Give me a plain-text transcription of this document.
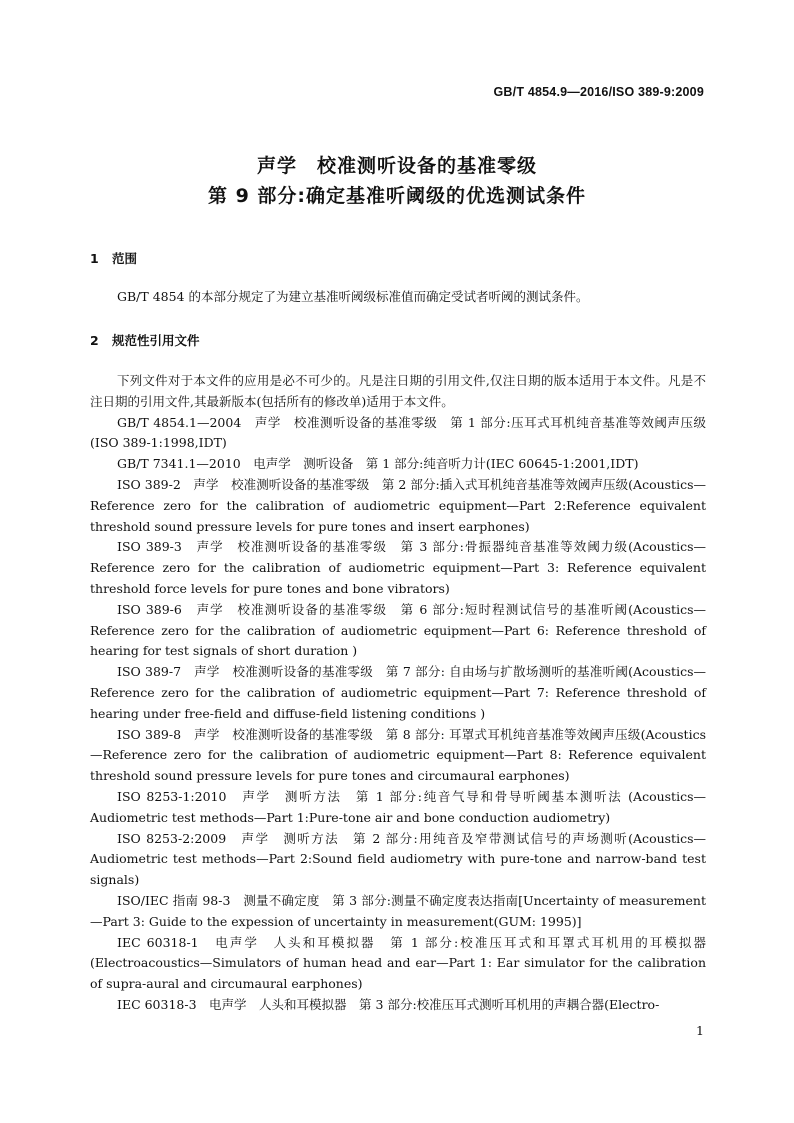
GB/T 4854.9—2016/ISO 389-9:2009
声学　校准测听设备的基准零级
第 9 部分:确定基准听阈级的优选测试条件
1 范围
GB/T 4854 的本部分规定了为建立基准听阈级标准值而确定受试者听阈的测试条件。
2 规范性引用文件

下列文件对于本文件的应用是必不可少的。凡是注日期的引用文件,仅注日期的版本适用于本文件。凡是不注日期的引用文件,其最新版本(包括所有的修改单)适用于本文件。

GB/T 4854.1—2004　声学　校准测听设备的基准零级　第 1 部分:压耳式耳机纯音基准等效阈声压级(ISO 389-1:1998,IDT)

GB/T 7341.1—2010　电声学　测听设备　第 1 部分:纯音听力计(IEC 60645-1:2001,IDT)

ISO 389-2　声学　校准测听设备的基准零级　第 2 部分:插入式耳机纯音基准等效阈声压级(Acoustics—Reference zero for the calibration of audiometric equipment—Part 2:Reference equivalent threshold sound pressure levels for pure tones and insert earphones)

ISO 389-3　声学　校准测听设备的基准零级　第 3 部分:骨振器纯音基准等效阈力级(Acoustics—Reference zero for the calibration of audiometric equipment—Part 3: Reference equivalent threshold force levels for pure tones and bone vibrators)

ISO 389-6　声学　校准测听设备的基准零级　第 6 部分:短时程测试信号的基准听阈(Acoustics—Reference zero for the calibration of audiometric equipment—Part 6: Reference threshold of hearing for test signals of short duration )

ISO 389-7　声学　校准测听设备的基准零级　第 7 部分: 自由场与扩散场测听的基准听阈(Acoustics—Reference zero for the calibration of audiometric equipment—Part 7: Reference threshold of hearing under free-field and diffuse-field listening conditions )

ISO 389-8　声学　校准测听设备的基准零级　第 8 部分: 耳罩式耳机纯音基准等效阈声压级(Acoustics—Reference zero for the calibration of audiometric equipment—Part 8: Reference equivalent threshold sound pressure levels for pure tones and circumaural earphones)

ISO 8253-1:2010　声学　测听方法　第 1 部分:纯音气导和骨导听阈基本测听法 (Acoustics—Audiometric test methods—Part 1:Pure-tone air and bone conduction audiometry)

ISO 8253-2:2009　声学　测听方法　第 2 部分:用纯音及窄带测试信号的声场测听(Acoustics—Audiometric test methods—Part 2:Sound field audiometry with pure-tone and narrow-band test signals)

ISO/IEC 指南 98-3　测量不确定度　第 3 部分:测量不确定度表达指南[Uncertainty of measurement—Part 3: Guide to the expession of uncertainty in measurement(GUM: 1995)]

IEC 60318-1　电声学　人头和耳模拟器　第 1 部分:校准压耳式和耳罩式耳机用的耳模拟器(Electroacoustics—Simulators of human head and ear—Part 1: Ear simulator for the calibration of supra-aural and circumaural earphones)

IEC 60318-3　电声学　人头和耳模拟器　第 3 部分:校准压耳式测听耳机用的声耦合器(Electro-

1
